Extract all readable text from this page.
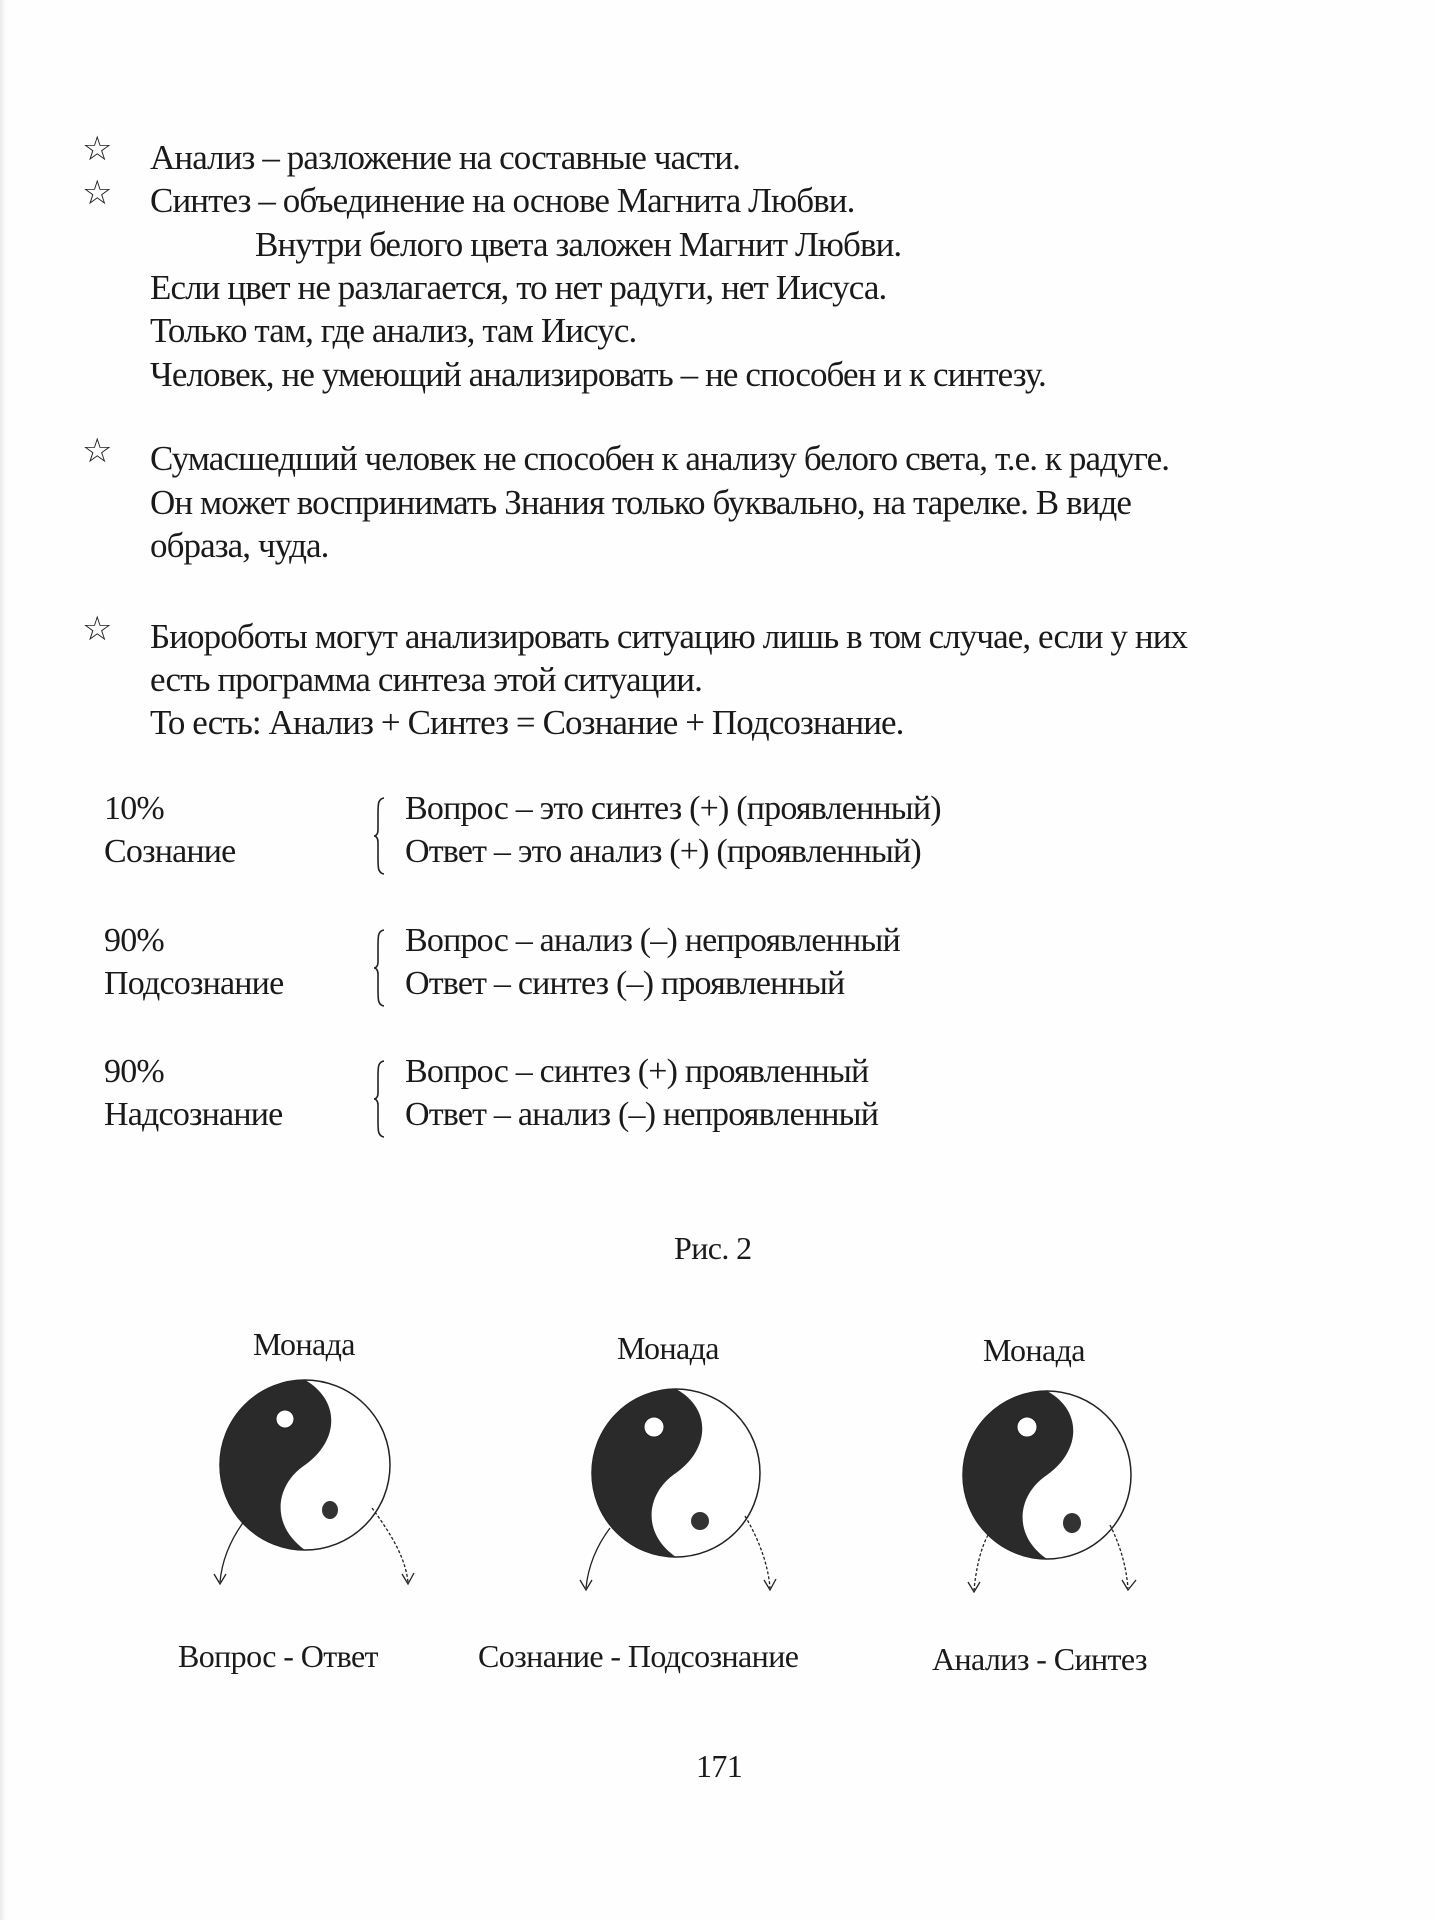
☆ Анализ – разложение на составные части.
☆ Синтез – объединение на основе Магнита Любви.
Внутри белого цвета заложен Магнит Любви.
Если цвет не разлагается, то нет радуги, нет Иисуса.
Только там, где анализ, там Иисус.
Человек, не умеющий анализировать – не способен и к синтезу.
☆ Сумасшедший человек не способен к анализу белого света, т.е. к радуге.
Он может воспринимать Знания только буквально, на тарелке. В виде
образа, чуда.
☆ Биороботы могут анализировать ситуацию лишь в том случае, если у них
есть программа синтеза этой ситуации.
То есть: Анализ + Синтез = Сознание + Подсознание.
10%
Сознание
Вопрос – это синтез (+) (проявленный)
Ответ – это анализ (+) (проявленный)
90%
Подсознание
Вопрос – анализ (–) непроявленный
Ответ – синтез (–) проявленный
90%
Надсознание
Вопрос – синтез (+) проявленный
Ответ – анализ (–) непроявленный
Рис. 2
Монада
Вопрос - Ответ
Монада
Сознание - Подсознание
Монада
Анализ - Синтез
171
